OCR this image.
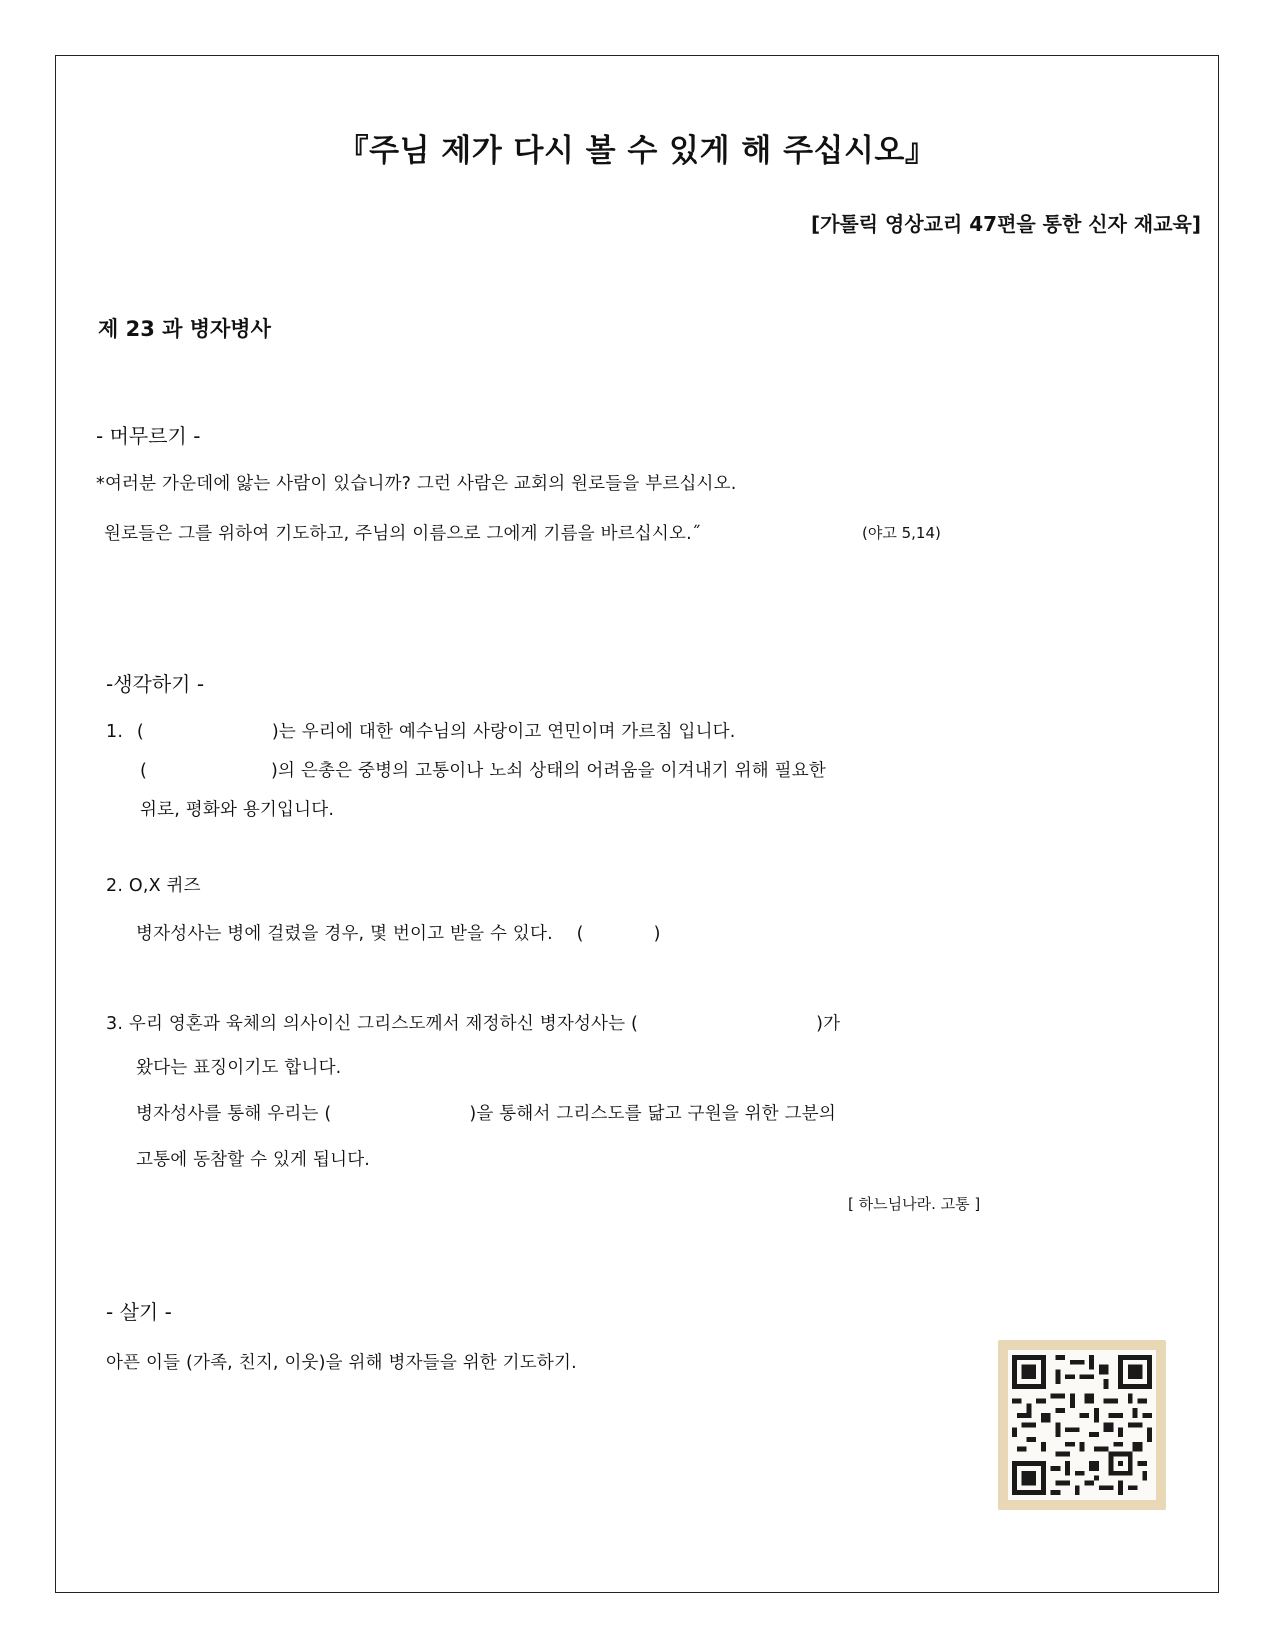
『주님 제가 다시 볼 수 있게 해 주십시오』
[가톨릭 영상교리 47편을 통한 신자 재교육]
제 23 과 병자병사
- 머무르기 -
*여러분 가운데에 앓는 사람이 있습니까? 그런 사람은 교회의 원로들을 부르십시오.
원로들은 그를 위하여 기도하고, 주님의 이름으로 그에게 기름을 바르십시오.˝	(야고 5,14)
-생각하기 -
1. (	)는 우리에 대한 예수님의 사랑이고 연민이며 가르침 입니다.
(	)의 은총은 중병의 고통이나 노쇠 상태의 어려움을 이겨내기 위해 필요한
위로, 평화와 용기입니다.
2. O,X 퀴즈
병자성사는 병에 걸렸을 경우, 몇 번이고 받을 수 있다. (	)
3. 우리 영혼과 육체의 의사이신 그리스도께서 제정하신 병자성사는 (	)가
왔다는 표징이기도 합니다.
병자성사를 통해 우리는 (	)을 통해서 그리스도를 닮고 구원을 위한 그분의
고통에 동참할 수 있게 됩니다.
[ 하느님나라. 고통 ]
- 살기 -
아픈 이들 (가족, 친지, 이웃)을 위해 병자들을 위한 기도하기.
